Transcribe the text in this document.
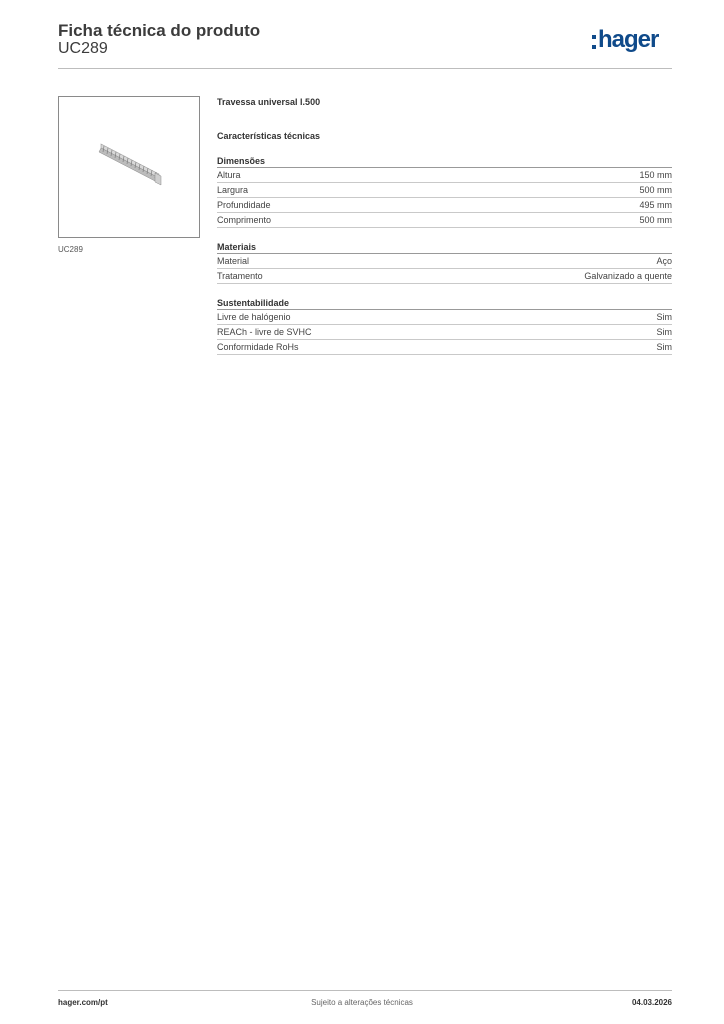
Ficha técnica do produto
UC289	hager
UC289
Travessa universal l.500
Características técnicas
Dimensões
Altura	150 mm
Largura	500 mm
Profundidade	495 mm
Comprimento	500 mm
Materiais
Material	Aço
Tratamento	Galvanizado a quente
Sustentabilidade
Livre de halógenio	Sim
REACh - livre de SVHC	Sim
Conformidade RoHs	Sim
hager.com/pt	Sujeito a alterações técnicas	04.03.2026
